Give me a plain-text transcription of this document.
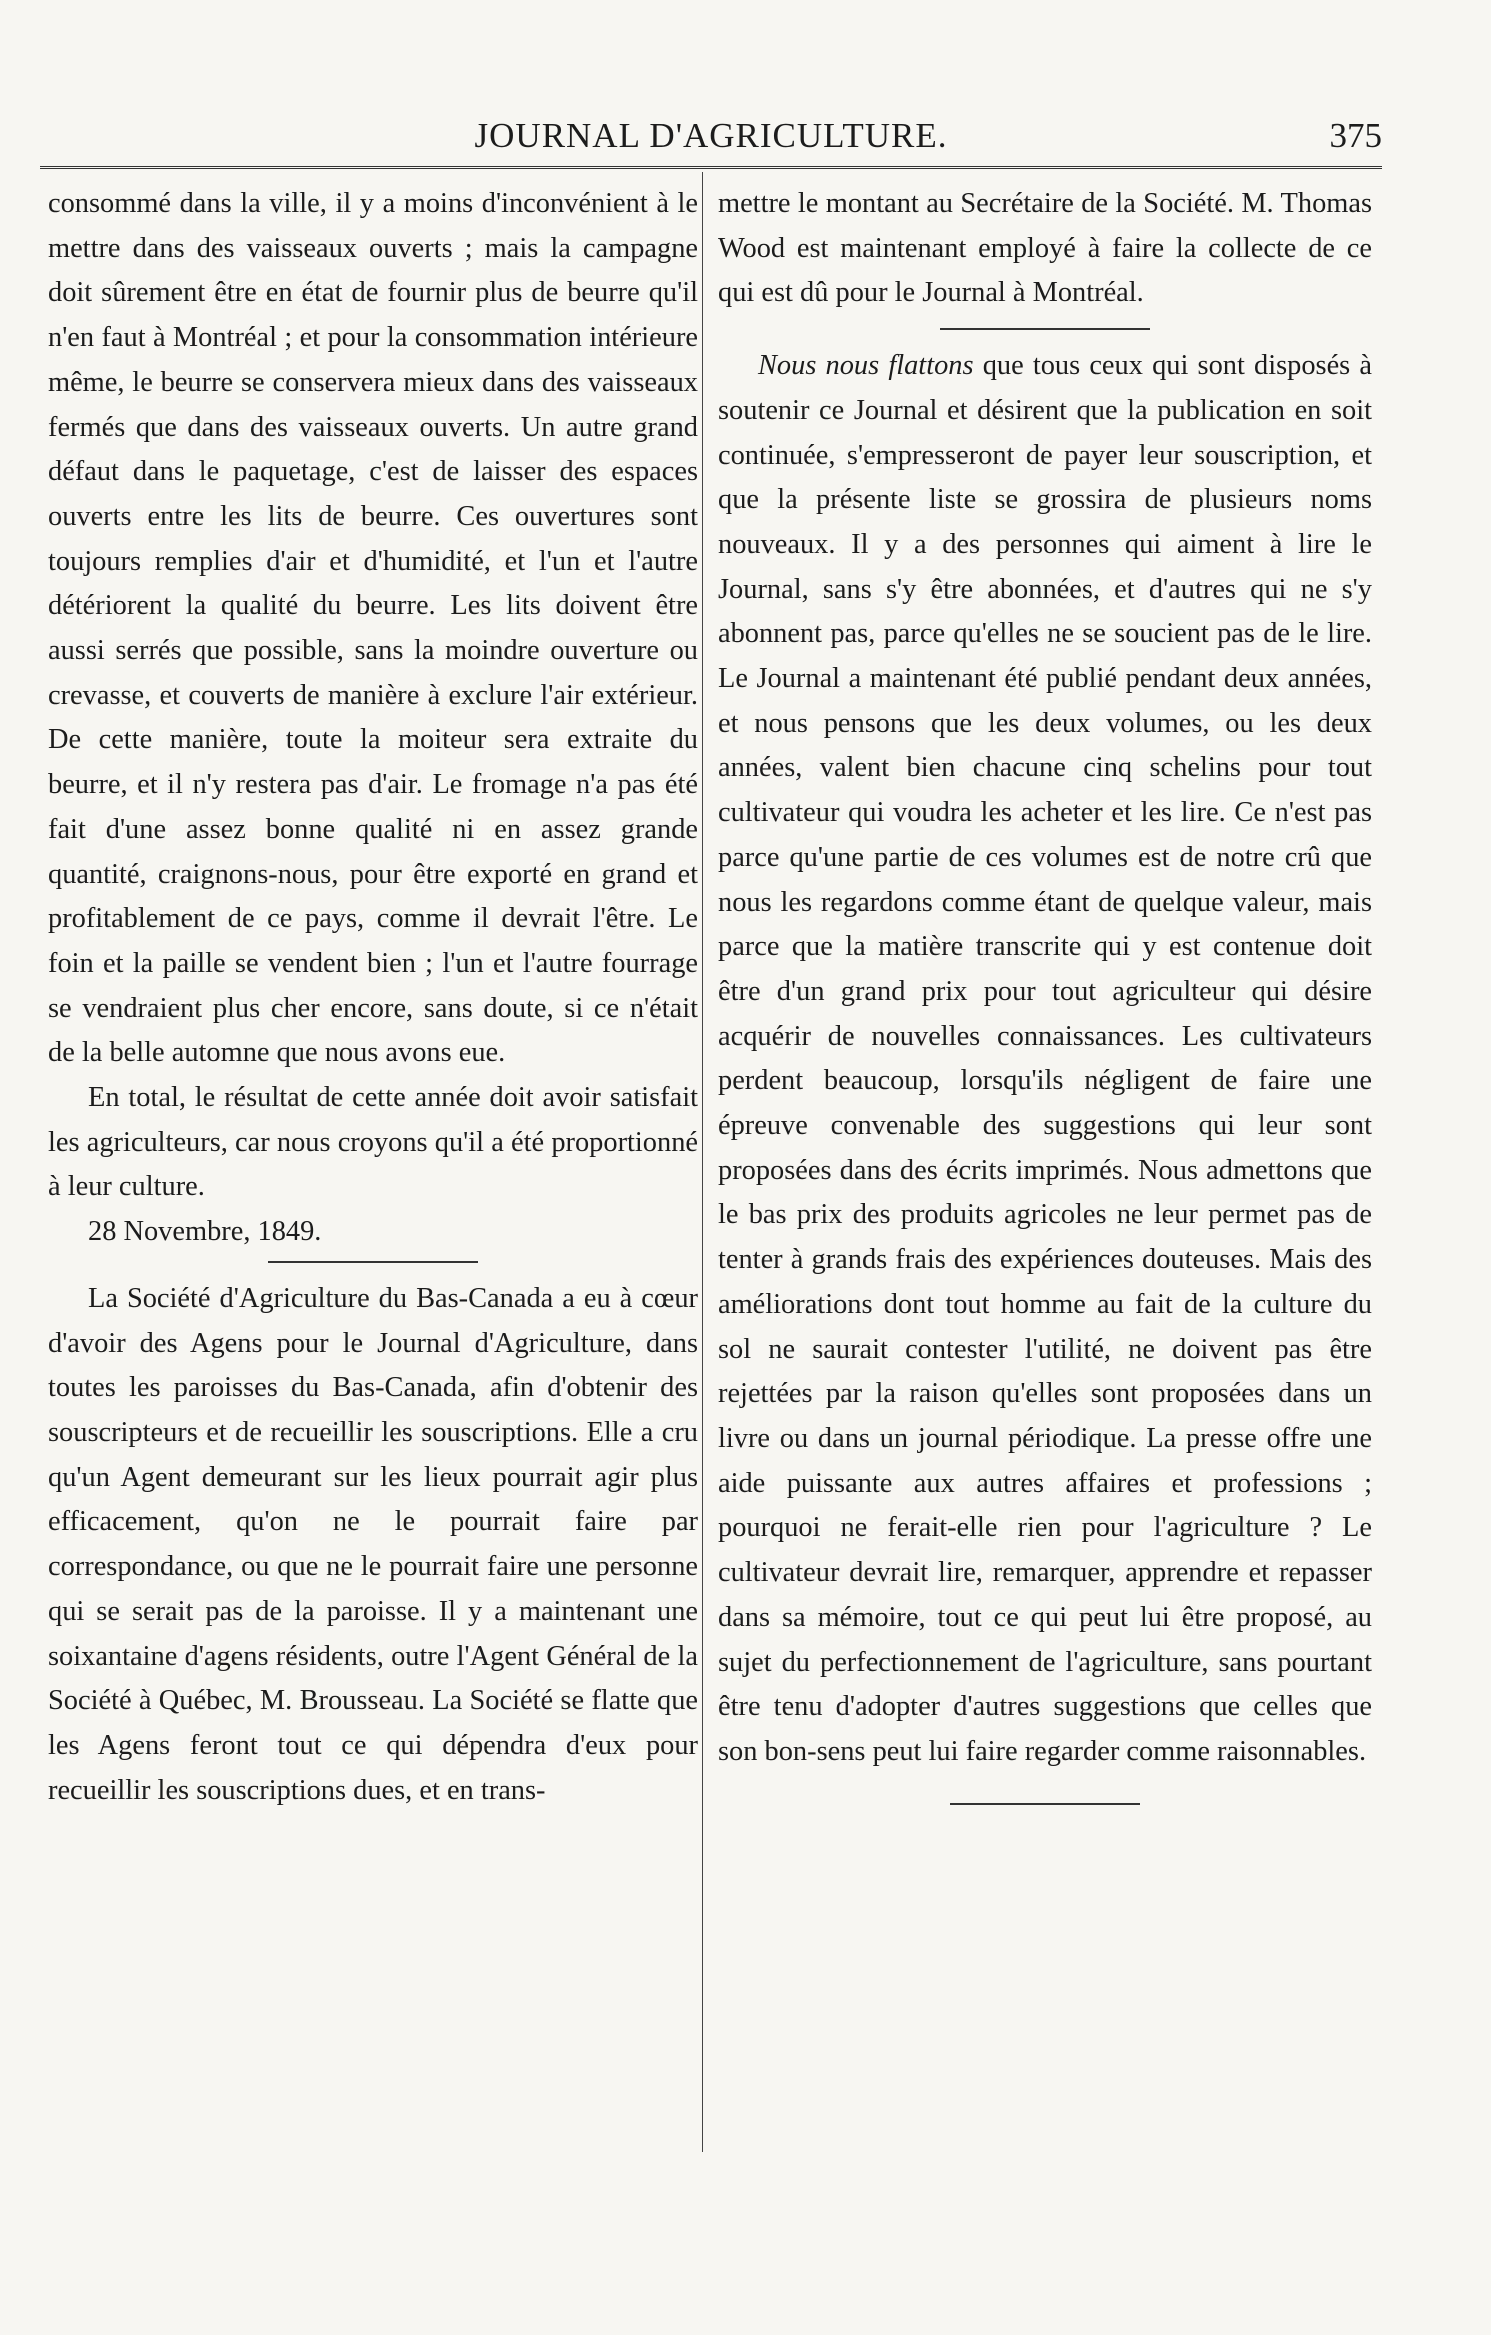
JOURNAL D'AGRICULTURE.	375

consommé dans la ville, il y a moins d'inconvénient à le mettre dans des vaisseaux ouverts ; mais la campagne doit sûrement être en état de fournir plus de beurre qu'il n'en faut à Montréal ; et pour la consommation intérieure même, le beurre se conservera mieux dans des vaisseaux fermés que dans des vaisseaux ouverts. Un autre grand défaut dans le paquetage, c'est de laisser des espaces ouverts entre les lits de beurre. Ces ouvertures sont toujours remplies d'air et d'humidité, et l'un et l'autre détériorent la qualité du beurre. Les lits doivent être aussi serrés que possible, sans la moindre ouverture ou crevasse, et couverts de manière à exclure l'air extérieur. De cette manière, toute la moiteur sera extraite du beurre, et il n'y restera pas d'air. Le fromage n'a pas été fait d'une assez bonne qualité ni en assez grande quantité, craignons-nous, pour être exporté en grand et profitablement de ce pays, comme il devrait l'être. Le foin et la paille se vendent bien ; l'un et l'autre fourrage se vendraient plus cher encore, sans doute, si ce n'était de la belle automne que nous avons eue.

En total, le résultat de cette année doit avoir satisfait les agriculteurs, car nous croyons qu'il a été proportionné à leur culture.

28 Novembre, 1849.

La Société d'Agriculture du Bas-Canada a eu à cœur d'avoir des Agens pour le Journal d'Agriculture, dans toutes les paroisses du Bas-Canada, afin d'obtenir des souscripteurs et de recueillir les souscriptions. Elle a cru qu'un Agent demeurant sur les lieux pourrait agir plus efficacement, qu'on ne le pourrait faire par correspondance, ou que ne le pourrait faire une personne qui se serait pas de la paroisse. Il y a maintenant une soixantaine d'agens résidents, outre l'Agent Général de la Société à Québec, M. Brousseau. La Société se flatte que les Agens feront tout ce qui dépendra d'eux pour recueillir les souscriptions dues, et en trans-

mettre le montant au Secrétaire de la Société. M. Thomas Wood est maintenant employé à faire la collecte de ce qui est dû pour le Journal à Montréal.

Nous nous flattons que tous ceux qui sont disposés à soutenir ce Journal et désirent que la publication en soit continuée, s'empresseront de payer leur souscription, et que la présente liste se grossira de plusieurs noms nouveaux. Il y a des personnes qui aiment à lire le Journal, sans s'y être abonnées, et d'autres qui ne s'y abonnent pas, parce qu'elles ne se soucient pas de le lire. Le Journal a maintenant été publié pendant deux années, et nous pensons que les deux volumes, ou les deux années, valent bien chacune cinq schelins pour tout cultivateur qui voudra les acheter et les lire. Ce n'est pas parce qu'une partie de ces volumes est de notre crû que nous les regardons comme étant de quelque valeur, mais parce que la matière transcrite qui y est contenue doit être d'un grand prix pour tout agriculteur qui désire acquérir de nouvelles connaissances. Les cultivateurs perdent beaucoup, lorsqu'ils négligent de faire une épreuve convenable des suggestions qui leur sont proposées dans des écrits imprimés. Nous admettons que le bas prix des produits agricoles ne leur permet pas de tenter à grands frais des expériences douteuses. Mais des améliorations dont tout homme au fait de la culture du sol ne saurait contester l'utilité, ne doivent pas être rejettées par la raison qu'elles sont proposées dans un livre ou dans un journal périodique. La presse offre une aide puissante aux autres affaires et professions ; pourquoi ne ferait-elle rien pour l'agriculture ? Le cultivateur devrait lire, remarquer, apprendre et repasser dans sa mémoire, tout ce qui peut lui être proposé, au sujet du perfectionnement de l'agriculture, sans pourtant être tenu d'adopter d'autres suggestions que celles que son bon-sens peut lui faire regarder comme raisonnables.
